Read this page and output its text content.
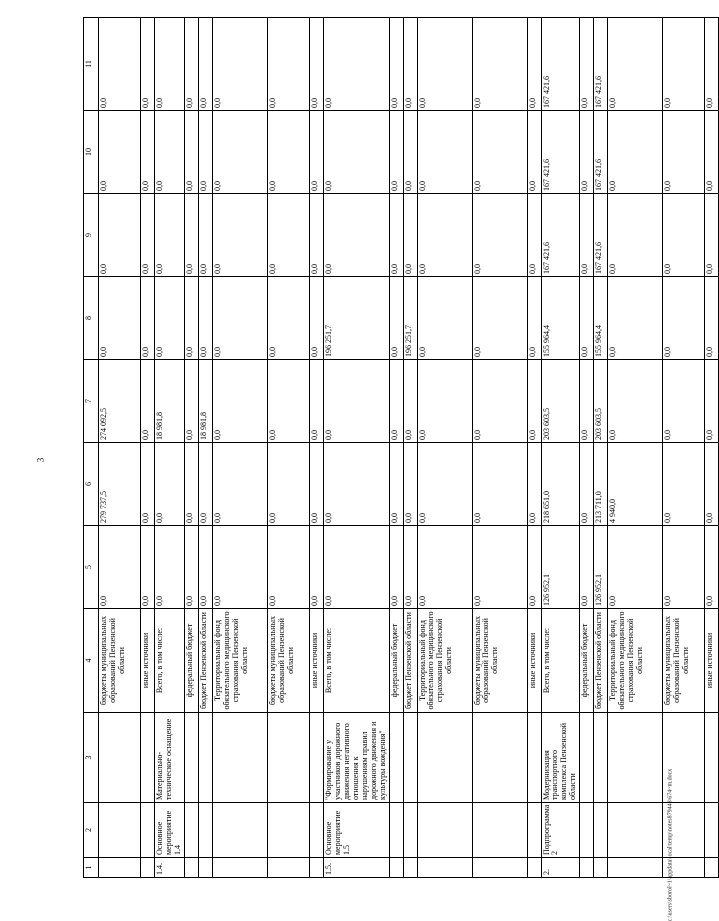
3
c:\users\sborol~1\appdata\local\temp\notes879448\674~m.docx
1	2	3	4	5	6	7	8	9	10	11
			бюджеты муниципальных образований Пензенской области	0,0	279 737,5	274 092,5	0,0	0,0	0,0	0,0
			иные источники	0,0	0,0	0,0	0,0	0,0	0,0	0,0
1.4.	Основное мероприятие 1.4	Материально-техническое оснащение	Всего, в том числе:	0,0	0,0	18 981,8	0,0	0,0	0,0	0,0
			федеральный бюджет	0,0	0,0	0,0	0,0	0,0	0,0	0,0
			бюджет Пензенской области	0,0	0,0	18 981,8	0,0	0,0	0,0	0,0
			Территориальный фонд обязательного медицинского страхования Пензенской области	0,0	0,0	0,0	0,0	0,0	0,0	0,0
			бюджеты муниципальных образований Пензенской области	0,0	0,0	0,0	0,0	0,0	0,0	0,0
			иные источники	0,0	0,0	0,0	0,0	0,0	0,0	0,0
1.5.	Основное мероприятие 1.5	"Формирование у участников дорожного движения негативного отношения к нарушениям правил дорожного движения и культуры вождения"	Всего, в том числе:	0,0	0,0	0,0	196 251,7	0,0	0,0	0,0
			федеральный бюджет	0,0	0,0	0,0	0,0	0,0	0,0	0,0
			бюджет Пензенской области	0,0	0,0	0,0	196 251,7	0,0	0,0	0,0
			Территориальный фонд обязательного медицинского страхования Пензенской области	0,0	0,0	0,0	0,0	0,0	0,0	0,0
			бюджеты муниципальных образований Пензенской области	0,0	0,0	0,0	0,0	0,0	0,0	0,0
			иные источники	0,0	0,0	0,0	0,0	0,0	0,0	0,0
2.	Подпрограмма 2	Модернизация транспортного комплекса Пензенской области	Всего, в том числе:	126 952,1	218 651,0	203 603,5	155 964,4	167 421,6	167 421,6	167 421,6
			федеральный бюджет	0,0	0,0	0,0	0,0	0,0	0,0	0,0
			бюджет Пензенской области	126 952,1	213 711,0	203 603,5	155 964,4	167 421,6	167 421,6	167 421,6
			Территориальный фонд обязательного медицинского страхования Пензенской области	0,0	4 940,0	0,0	0,0	0,0	0,0	0,0
			бюджеты муниципальных образований Пензенской области	0,0	0,0	0,0	0,0	0,0	0,0	0,0
			иные источники	0,0	0,0	0,0	0,0	0,0	0,0	0,0
